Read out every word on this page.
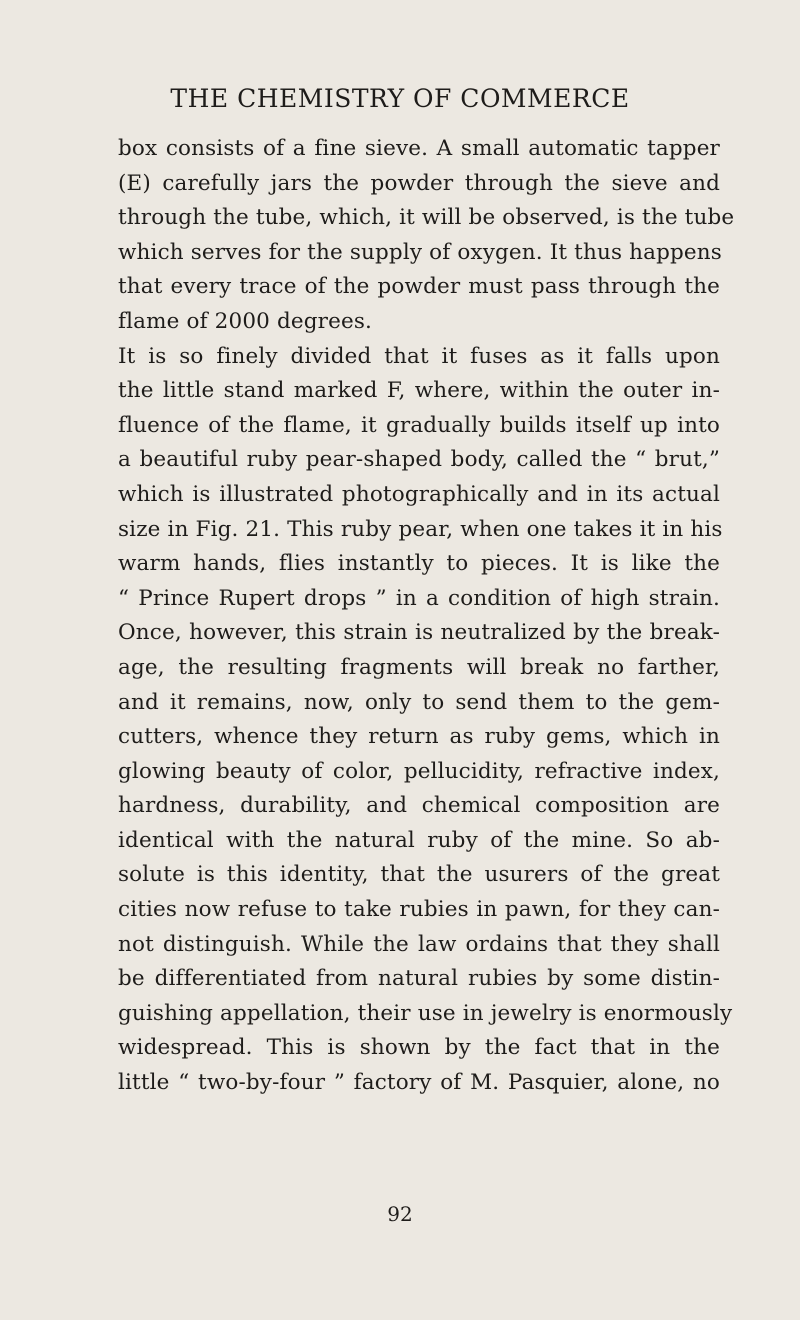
THE CHEMISTRY OF COMMERCE
box consists of a fine sieve. A small automatic tapper
(E) carefully jars the powder through the sieve and
through the tube, which, it will be observed, is the tube
which serves for the supply of oxygen. It thus happens
that every trace of the powder must pass through the
flame of 2000 degrees.
It is so finely divided that it fuses as it falls upon
the little stand marked F, where, within the outer in-
fluence of the flame, it gradually builds itself up into
a beautiful ruby pear-shaped body, called the “ brut,”
which is illustrated photographically and in its actual
size in Fig. 21. This ruby pear, when one takes it in his
warm hands, flies instantly to pieces. It is like the
“ Prince Rupert drops ” in a condition of high strain.
Once, however, this strain is neutralized by the break-
age, the resulting fragments will break no farther,
and it remains, now, only to send them to the gem-
cutters, whence they return as ruby gems, which in
glowing beauty of color, pellucidity, refractive index,
hardness, durability, and chemical composition are
identical with the natural ruby of the mine. So ab-
solute is this identity, that the usurers of the great
cities now refuse to take rubies in pawn, for they can-
not distinguish. While the law ordains that they shall
be differentiated from natural rubies by some distin-
guishing appellation, their use in jewelry is enormously
widespread. This is shown by the fact that in the
little “ two-by-four ” factory of M. Pasquier, alone, no
92
